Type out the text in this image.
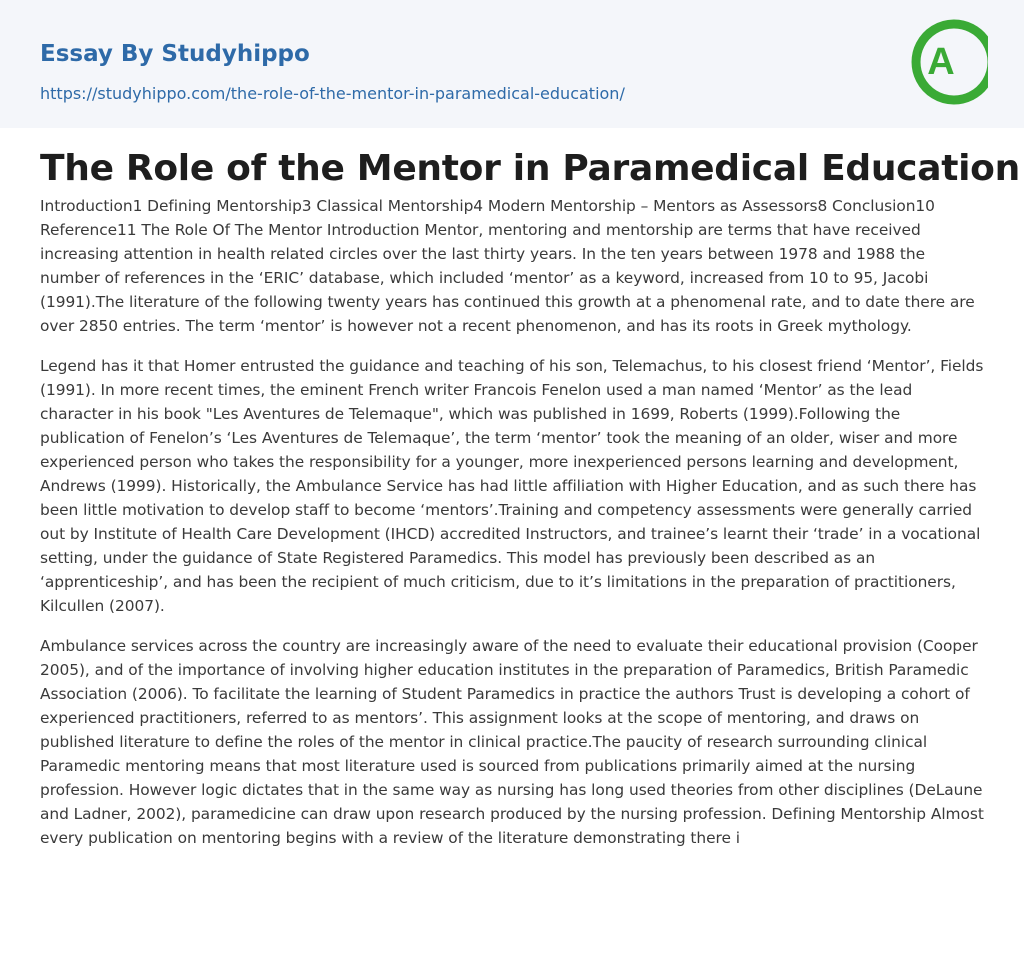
Essay By Studyhippo
https://studyhippo.com/the-role-of-the-mentor-in-paramedical-education/
A
The Role of the Mentor in Paramedical Education

Introduction1 Defining Mentorship3 Classical Mentorship4 Modern Mentorship – Mentors as Assessors8 Conclusion10 Reference11 The Role Of The Mentor Introduction Mentor, mentoring and mentorship are terms that have received increasing attention in health related circles over the last thirty years. In the ten years between 1978 and 1988 the number of references in the ‘ERIC’ database, which included ‘mentor’ as a keyword, increased from 10 to 95, Jacobi (1991).The literature of the following twenty years has continued this growth at a phenomenal rate, and to date there are over 2850 entries. The term ‘mentor’ is however not a recent phenomenon, and has its roots in Greek mythology.

Legend has it that Homer entrusted the guidance and teaching of his son, Telemachus, to his closest friend ‘Mentor’, Fields (1991). In more recent times, the eminent French writer Francois Fenelon used a man named ‘Mentor’ as the lead character in his book "Les Aventures de Telemaque", which was published in 1699, Roberts (1999).Following the publication of Fenelon’s ‘Les Aventures de Telemaque’, the term ‘mentor’ took the meaning of an older, wiser and more experienced person who takes the responsibility for a younger, more inexperienced persons learning and development, Andrews (1999). Historically, the Ambulance Service has had little affiliation with Higher Education, and as such there has been little motivation to develop staff to become ‘mentors’.Training and competency assessments were generally carried out by Institute of Health Care Development (IHCD) accredited Instructors, and trainee’s learnt their ‘trade’ in a vocational setting, under the guidance of State Registered Paramedics. This model has previously been described as an ‘apprenticeship’, and has been the recipient of much criticism, due to it’s limitations in the preparation of practitioners, Kilcullen (2007).

Ambulance services across the country are increasingly aware of the need to evaluate their educational provision (Cooper 2005), and of the importance of involving higher education institutes in the preparation of Paramedics, British Paramedic Association (2006). To facilitate the learning of Student Paramedics in practice the authors Trust is developing a cohort of experienced practitioners, referred to as mentors’. This assignment looks at the scope of mentoring, and draws on published literature to define the roles of the mentor in clinical practice.The paucity of research surrounding clinical Paramedic mentoring means that most literature used is sourced from publications primarily aimed at the nursing profession. However logic dictates that in the same way as nursing has long used theories from other disciplines (DeLaune and Ladner, 2002), paramedicine can draw upon research produced by the nursing profession. Defining Mentorship Almost every publication on mentoring begins with a review of the literature demonstrating there i
